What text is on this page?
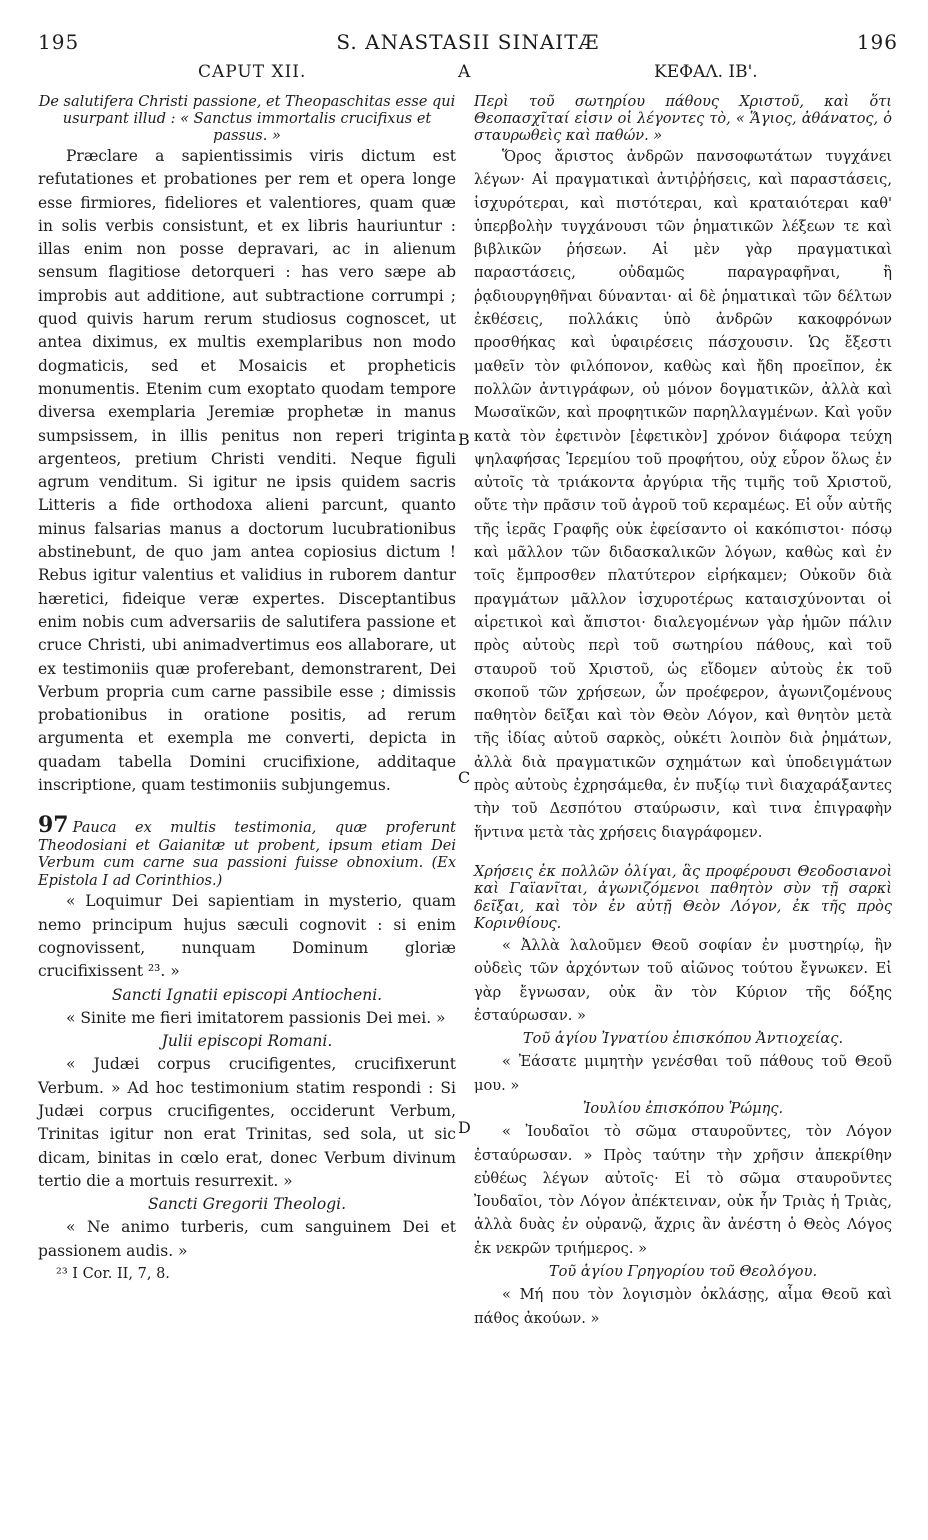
195	S. ANASTASII SINAITÆ	196
CAPUT XII.	A	ΚΕΦΑΛ. ΙΒ'.
B
C
D

De salutifera Christi passione, et Theopaschitas esse qui usurpant illud : « Sanctus immortalis crucifixus et passus. »

Præclare a sapientissimis viris dictum est refutationes et probationes per rem et opera longe esse firmiores, fideliores et valentiores, quam quæ in solis verbis consistunt, et ex libris hauriuntur : illas enim non posse depravari, ac in alienum sensum flagitiose detorqueri : has vero sæpe ab improbis aut additione, aut subtractione corrumpi ; quod quivis harum rerum studiosus cognoscet, ut antea diximus, ex multis exemplaribus non modo dogmaticis, sed et Mosaicis et propheticis monumentis. Etenim cum exoptato quodam tempore diversa exemplaria Jeremiæ prophetæ in manus sumpsissem, in illis penitus non reperi triginta argenteos, pretium Christi venditi. Neque figuli agrum venditum. Si igitur ne ipsis quidem sacris Litteris a fide orthodoxa alieni parcunt, quanto minus falsarias manus a doctorum lucubrationibus abstinebunt, de quo jam antea copiosius dictum ! Rebus igitur valentius et validius in ruborem dantur hæretici, fideique veræ expertes. Disceptantibus enim nobis cum adversariis de salutifera passione et cruce Christi, ubi animadvertimus eos allaborare, ut ex testimoniis quæ proferebant, demonstrarent, Dei Verbum propria cum carne passibile esse ; dimissis probationibus in oratione positis, ad rerum argumenta et exempla me converti, depicta in quadam tabella Domini crucifixione, additaque inscriptione, quam testimoniis subjungemus.

97 Pauca ex multis testimonia, quæ proferunt Theodosiani et Gaianitæ ut probent, ipsum etiam Dei Verbum cum carne sua passioni fuisse obnoxium. (Ex Epistola I ad Corinthios.)

« Loquimur Dei sapientiam in mysterio, quam nemo principum hujus sæculi cognovit : si enim cognovissent, nunquam Dominum gloriæ crucifixissent ²³. »

Sancti Ignatii episcopi Antiocheni.

« Sinite me fieri imitatorem passionis Dei mei. »

Julii episcopi Romani.

« Judæi corpus crucifigentes, crucifixerunt Verbum. » Ad hoc testimonium statim respondi : Si Judæi corpus crucifigentes, occiderunt Verbum, Trinitas igitur non erat Trinitas, sed sola, ut sic dicam, binitas in cœlo erat, donec Verbum divinum tertio die a mortuis resurrexit. »

Sancti Gregorii Theologi.

« Ne animo turberis, cum sanguinem Dei et passionem audis. »

²³ I Cor. II, 7, 8.

Περὶ τοῦ σωτηρίου πάθους Χριστοῦ, καὶ ὅτι Θεοπασχῖταί εἰσιν οἱ λέγοντες τὸ, « Ἅγιος, ἀθάνατος, ὁ σταυρωθεὶς καὶ παθών. »

Ὅρος ἄριστος ἀνδρῶν πανσοφωτάτων τυγχάνει λέγων· Αἱ πραγματικαὶ ἀντιῤῥήσεις, καὶ παραστάσεις, ἰσχυρότεραι, καὶ πιστότεραι, καὶ κραταιότεραι καθ' ὑπερβολὴν τυγχάνουσι τῶν ῥηματικῶν λέξεων τε καὶ βιβλικῶν ῥήσεων. Αἱ μὲν γὰρ πραγματικαὶ παραστάσεις, οὐδαμῶς παραγραφῆναι, ἢ ῥᾳδιουργηθῆναι δύνανται· αἱ δὲ ῥηματικαὶ τῶν δέλτων ἐκθέσεις, πολλάκις ὑπὸ ἀνδρῶν κακοφρόνων προσθήκας καὶ ὑφαιρέσεις πάσχουσιν. Ὡς ἔξεστι μαθεῖν τὸν φιλόπονον, καθὼς καὶ ἤδη προεῖπον, ἐκ πολλῶν ἀντιγράφων, οὐ μόνον δογματικῶν, ἀλλὰ καὶ Μωσαϊκῶν, καὶ προφητικῶν παρηλλαγμένων. Καὶ γοῦν κατὰ τὸν ἐφετινὸν [ἐφετικὸν] χρόνον διάφορα τεύχη ψηλαφήσας Ἱερεμίου τοῦ προφήτου, οὐχ εὗρον ὅλως ἐν αὐτοῖς τὰ τριάκοντα ἀργύρια τῆς τιμῆς τοῦ Χριστοῦ, οὔτε τὴν πρᾶσιν τοῦ ἀγροῦ τοῦ κεραμέως. Εἰ οὖν αὐτῆς τῆς ἱερᾶς Γραφῆς οὐκ ἐφείσαντο οἱ κακόπιστοι· πόσῳ καὶ μᾶλλον τῶν διδασκαλικῶν λόγων, καθὼς καὶ ἐν τοῖς ἔμπροσθεν πλατύτερον εἰρήκαμεν; Οὐκοῦν διὰ πραγμάτων μᾶλλον ἰσχυροτέρως καταισχύνονται οἱ αἱρετικοὶ καὶ ἄπιστοι· διαλεγομένων γὰρ ἡμῶν πάλιν πρὸς αὐτοὺς περὶ τοῦ σωτηρίου πάθους, καὶ τοῦ σταυροῦ τοῦ Χριστοῦ, ὡς εἴδομεν αὐτοὺς ἐκ τοῦ σκοποῦ τῶν χρήσεων, ὧν προέφερον, ἀγωνιζομένους παθητὸν δεῖξαι καὶ τὸν Θεὸν Λόγον, καὶ θνητὸν μετὰ τῆς ἰδίας αὐτοῦ σαρκὸς, οὐκέτι λοιπὸν διὰ ῥημάτων, ἀλλὰ διὰ πραγματικῶν σχημάτων καὶ ὑποδειγμάτων πρὸς αὐτοὺς ἐχρησάμεθα, ἐν πυξίῳ τινὶ διαχαράξαντες τὴν τοῦ Δεσπότου σταύρωσιν, καὶ τινα ἐπιγραφὴν ἥντινα μετὰ τὰς χρήσεις διαγράφομεν.

Χρήσεις ἐκ πολλῶν ὀλίγαι, ἃς προφέρουσι Θεοδοσιανοὶ καὶ Γαϊανῖται, ἀγωνιζόμενοι παθητὸν σὺν τῇ σαρκὶ δεῖξαι, καὶ τὸν ἐν αὐτῇ Θεὸν Λόγον, ἐκ τῆς πρὸς Κορινθίους.

« Ἀλλὰ λαλοῦμεν Θεοῦ σοφίαν ἐν μυστηρίῳ, ἣν οὐδεὶς τῶν ἀρχόντων τοῦ αἰῶνος τούτου ἔγνωκεν. Εἰ γὰρ ἔγνωσαν, οὐκ ἂν τὸν Κύριον τῆς δόξης ἐσταύρωσαν. »

Τοῦ ἁγίου Ἰγνατίου ἐπισκόπου Ἀντιοχείας.

« Ἐάσατε μιμητὴν γενέσθαι τοῦ πάθους τοῦ Θεοῦ μου. »

Ἰουλίου ἐπισκόπου Ῥώμης.

« Ἰουδαῖοι τὸ σῶμα σταυροῦντες, τὸν Λόγον ἐσταύρωσαν. » Πρὸς ταύτην τὴν χρῆσιν ἀπεκρίθην εὐθέως λέγων αὐτοῖς· Εἰ τὸ σῶμα σταυροῦντες Ἰουδαῖοι, τὸν Λόγον ἀπέκτειναν, οὐκ ἦν Τριὰς ἡ Τριὰς, ἀλλὰ δυὰς ἐν οὐρανῷ, ἄχρις ἂν ἀνέστη ὁ Θεὸς Λόγος ἐκ νεκρῶν τριήμερος. »

Τοῦ ἁγίου Γρηγορίου τοῦ Θεολόγου.

« Μή που τὸν λογισμὸν ὀκλάσῃς, αἷμα Θεοῦ καὶ πάθος ἀκούων. »
